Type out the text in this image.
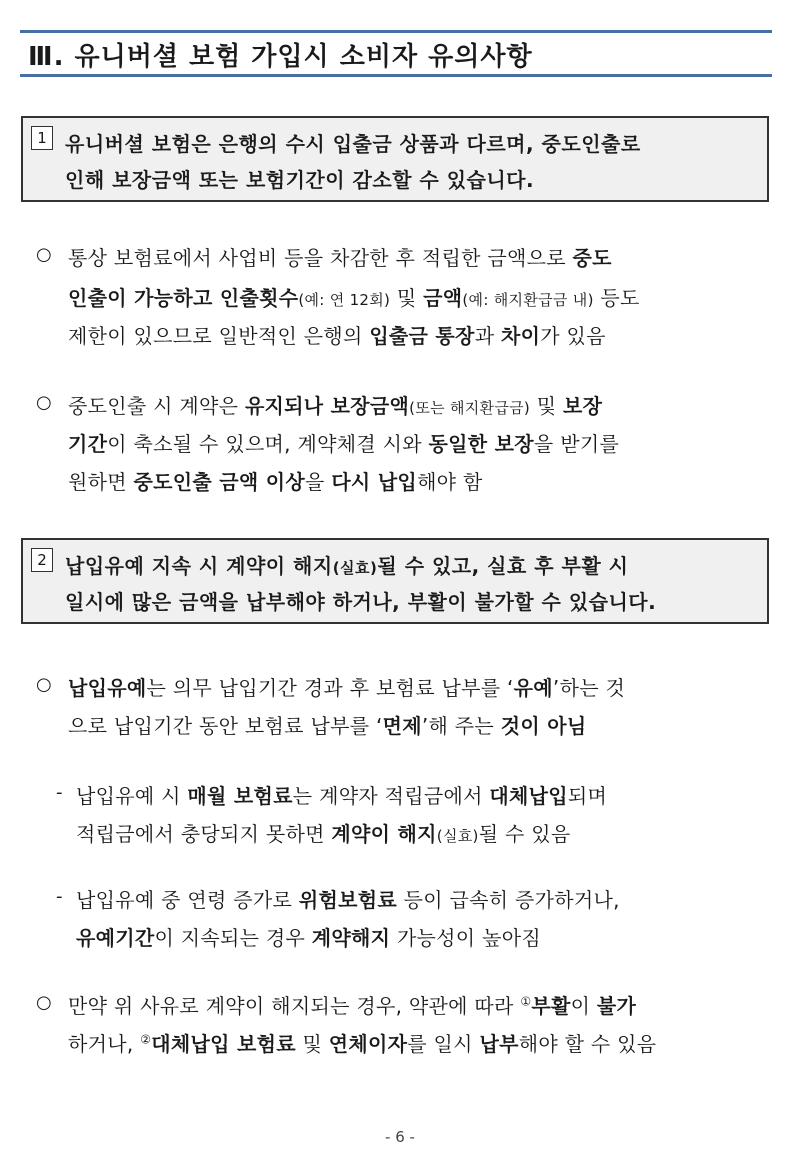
Ⅲ. 유니버셜 보험 가입시 소비자 유의사항
1 유니버셜 보험은 은행의 수시 입출금 상품과 다르며, 중도인출로
인해 보장금액 또는 보험기간이 감소할 수 있습니다.
○ 통상 보험료에서 사업비 등을 차감한 후 적립한 금액으로 중도
인출이 가능하고 인출횟수(예: 연 12회) 및 금액(예: 해지환급금 내) 등도
제한이 있으므로 일반적인 은행의 입출금 통장과 차이가 있음
○ 중도인출 시 계약은 유지되나 보장금액(또는 해지환급금) 및 보장
기간이 축소될 수 있으며, 계약체결 시와 동일한 보장을 받기를
원하면 중도인출 금액 이상을 다시 납입해야 함
2 납입유예 지속 시 계약이 해지(실효)될 수 있고, 실효 후 부활 시
일시에 많은 금액을 납부해야 하거나, 부활이 불가할 수 있습니다.
○ 납입유예는 의무 납입기간 경과 후 보험료 납부를 ‘유예’하는 것
으로 납입기간 동안 보험료 납부를 ‘면제’해 주는 것이 아님
- 납입유예 시 매월 보험료는 계약자 적립금에서 대체납입되며
적립금에서 충당되지 못하면 계약이 해지(실효)될 수 있음
- 납입유예 중 연령 증가로 위험보험료 등이 급속히 증가하거나,
유예기간이 지속되는 경우 계약해지 가능성이 높아짐
○ 만약 위 사유로 계약이 해지되는 경우, 약관에 따라 ①부활이 불가
하거나, ②대체납입 보험료 및 연체이자를 일시 납부해야 할 수 있음
- 6 -
